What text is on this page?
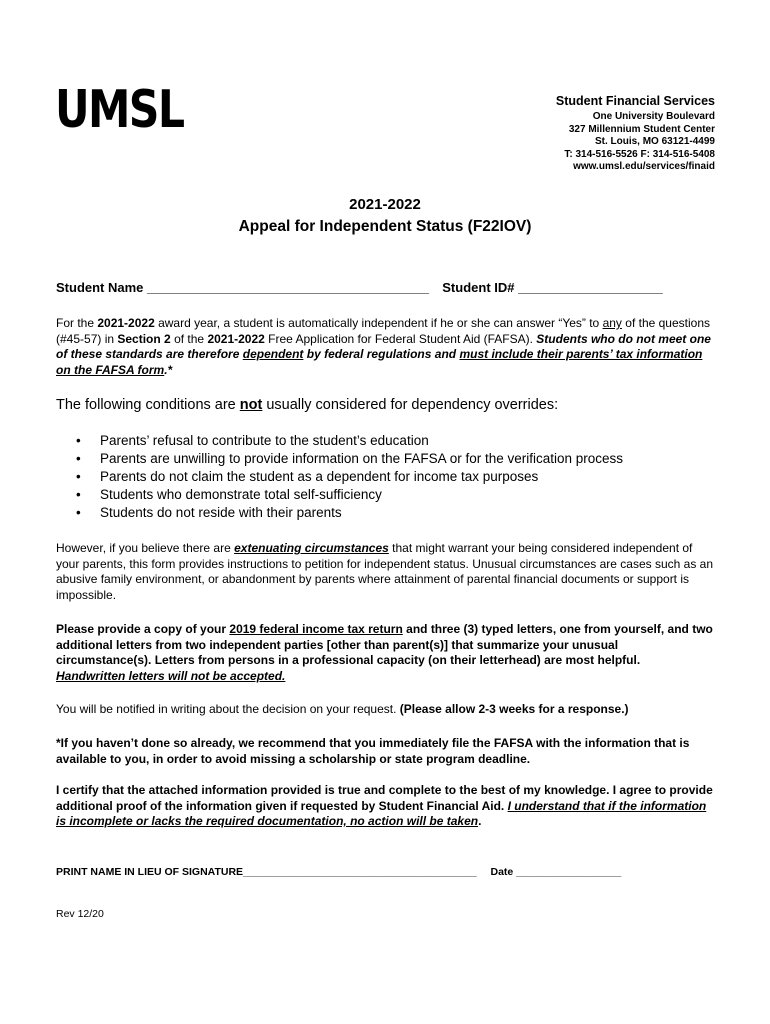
UMSL	Student Financial Services
One University Boulevard
327 Millennium Student Center
St. Louis, MO 63121-4499
T: 314-516-5526 F: 314-516-5408
www.umsl.edu/services/finaid
2021-2022
Appeal for Independent Status (F22IOV)
Student Name _______________________________________ Student ID# ____________________
For the 2021-2022 award year, a student is automatically independent if he or she can answer “Yes” to any of the questions (#45-57) in Section 2 of the 2021-2022 Free Application for Federal Student Aid (FAFSA). Students who do not meet one of these standards are therefore dependent by federal regulations and must include their parents’ tax information on the FAFSA form.*
The following conditions are not usually considered for dependency overrides:
• Parents’ refusal to contribute to the student’s education
• Parents are unwilling to provide information on the FAFSA or for the verification process
• Parents do not claim the student as a dependent for income tax purposes
• Students who demonstrate total self-sufficiency
• Students do not reside with their parents
However, if you believe there are extenuating circumstances that might warrant your being considered independent of your parents, this form provides instructions to petition for independent status. Unusual circumstances are cases such as an abusive family environment, or abandonment by parents where attainment of parental financial documents or support is impossible.
Please provide a copy of your 2019 federal income tax return and three (3) typed letters, one from yourself, and two additional letters from two independent parties [other than parent(s)] that summarize your unusual circumstance(s). Letters from persons in a professional capacity (on their letterhead) are most helpful.
Handwritten letters will not be accepted.
You will be notified in writing about the decision on your request. (Please allow 2-3 weeks for a response.)
*If you haven’t done so already, we recommend that you immediately file the FAFSA with the information that is available to you, in order to avoid missing a scholarship or state program deadline.
I certify that the attached information provided is true and complete to the best of my knowledge. I agree to provide additional proof of the information given if requested by Student Financial Aid. I understand that if the information is incomplete or lacks the required documentation, no action will be taken.
PRINT NAME IN LIEU OF SIGNATURE________________________________________ Date __________________
Rev 12/20
